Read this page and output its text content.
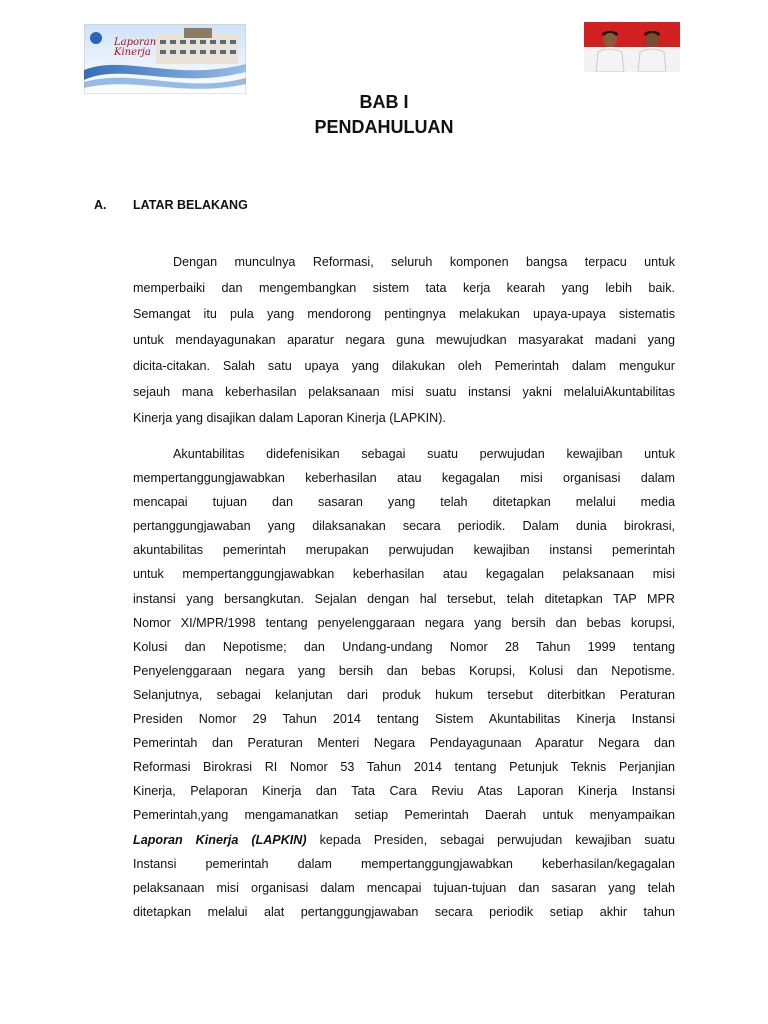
Laporan Kinerja
BAB I
PENDAHULUAN
A. LATAR BELAKANG
Dengan munculnya Reformasi, seluruh komponen bangsa terpacu untuk
memperbaiki dan mengembangkan sistem tata kerja kearah yang lebih baik.
Semangat itu pula yang mendorong pentingnya melakukan upaya-upaya sistematis
untuk mendayagunakan aparatur negara guna mewujudkan masyarakat madani yang
dicita-citakan. Salah satu upaya yang dilakukan oleh Pemerintah dalam mengukur
sejauh mana keberhasilan pelaksanaan misi suatu instansi yakni melaluiAkuntabilitas
Kinerja yang disajikan dalam Laporan Kinerja (LAPKIN).
Akuntabilitas didefenisikan sebagai suatu perwujudan kewajiban untuk
mempertanggungjawabkan keberhasilan atau kegagalan misi organisasi dalam
mencapai tujuan dan sasaran yang telah ditetapkan melalui media
pertanggungjawaban yang dilaksanakan secara periodik. Dalam dunia birokrasi,
akuntabilitas pemerintah merupakan perwujudan kewajiban instansi pemerintah
untuk mempertanggungjawabkan keberhasilan atau kegagalan pelaksanaan misi
instansi yang bersangkutan. Sejalan dengan hal tersebut, telah ditetapkan TAP MPR
Nomor XI/MPR/1998 tentang penyelenggaraan negara yang bersih dan bebas korupsi,
Kolusi dan Nepotisme; dan Undang-undang Nomor 28 Tahun 1999 tentang
Penyelenggaraan negara yang bersih dan bebas Korupsi, Kolusi dan Nepotisme.
Selanjutnya, sebagai kelanjutan dari produk hukum tersebut diterbitkan Peraturan
Presiden Nomor 29 Tahun 2014 tentang Sistem Akuntabilitas Kinerja Instansi
Pemerintah dan Peraturan Menteri Negara Pendayagunaan Aparatur Negara dan
Reformasi Birokrasi RI Nomor 53 Tahun 2014 tentang Petunjuk Teknis Perjanjian
Kinerja, Pelaporan Kinerja dan Tata Cara Reviu Atas Laporan Kinerja Instansi
Pemerintah,yang mengamanatkan setiap Pemerintah Daerah untuk menyampaikan
Laporan Kinerja (LAPKIN) kepada Presiden, sebagai perwujudan kewajiban suatu
Instansi pemerintah dalam mempertanggungjawabkan keberhasilan/kegagalan
pelaksanaan misi organisasi dalam mencapai tujuan-tujuan dan sasaran yang telah
ditetapkan melalui alat pertanggungjawaban secara periodik setiap akhir tahun
